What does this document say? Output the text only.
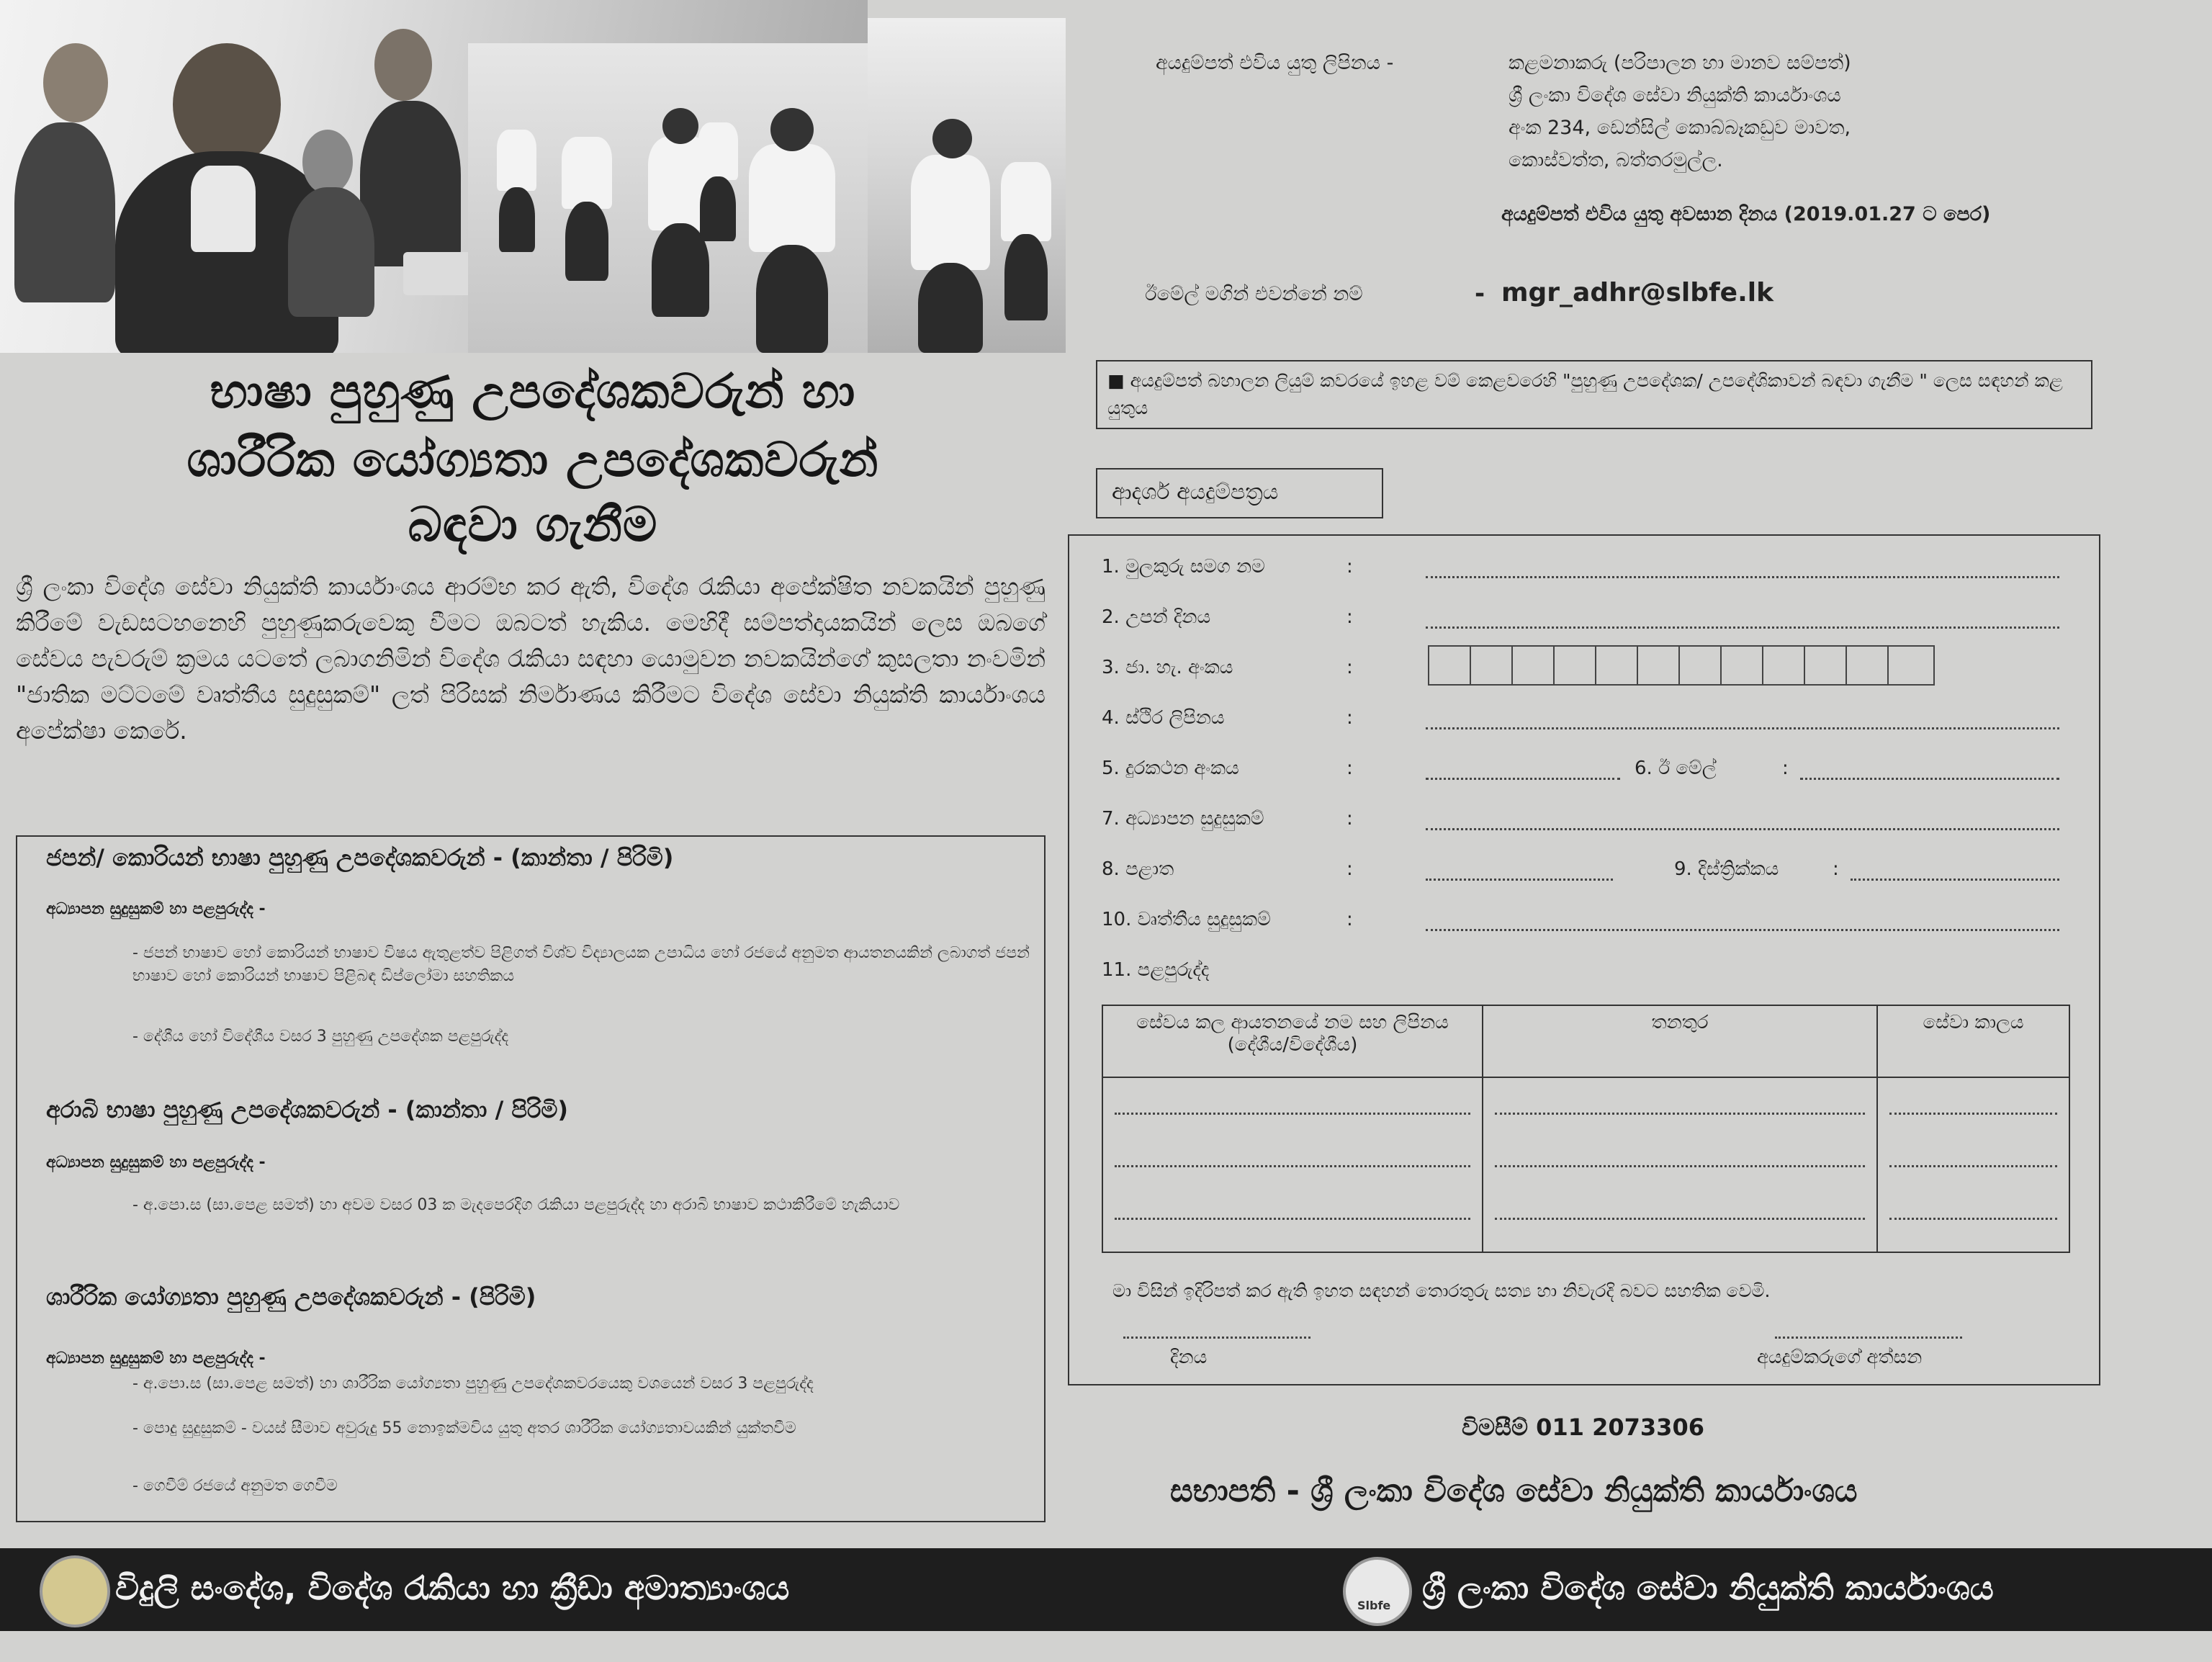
භාෂා පුහුණු උපදේශකවරුන් හා
ශාරීරික යෝග්‍යතා උපදේශකවරුන්
බඳවා ගැනීම

ශ්‍රී ලංකා විදේශ සේවා නියුක්ති කාර්යාංශය ආරම්භ කර ඇති, විදේශ රැකියා අපේක්ෂිත නවකයින් පුහුණු කිරීමේ වැඩසටහනෙහි පුහුණුකරුවෙකු වීමට ඔබටත් හැකිය. මෙහිදී සම්පත්දායකයින් ලෙස ඔබගේ සේවය පැවරුම් ක්‍රමය යටතේ ලබාගනිමින් විදේශ රැකියා සඳහා යොමුවන නවකයින්ගේ කුසලතා නංවමින් "ජාතික මට්ටමේ වෘත්තීය සුදුසුකම්" ලත් පිරිසක් නිර්මාණය කිරීමට විදේශ සේවා නියුක්ති කාර්යාංශය අපේක්ෂා කෙරේ.

ජපන්/ කොරියන් භාෂා පුහුණු උපදේශකවරුන් - (කාන්තා / පිරිමි)
අධ්‍යාපන සුදුසුකම් හා පළපුරුද්ද -
- ජපන් භාෂාව හෝ කොරියන් භාෂාව විෂය ඇතුළත්ව පිළිගත් විශ්ව විද්‍යාලයක උපාධිය හෝ රජයේ අනුමත ආයතනයකින් ලබාගත් ජපන් භාෂාව හෝ කොරියන් භාෂාව පිළිබඳ ඩිප්ලෝමා සහතිකය
- දේශීය හෝ විදේශීය වසර 3 පුහුණු උපදේශක පළපුරුද්ද
අරාබි භාෂා පුහුණු උපදේශකවරුන් - (කාන්තා / පිරිමි)
අධ්‍යාපන සුදුසුකම් හා පළපුරුද්ද -
- අ.පො.ස (සා.පෙළ සමත්) හා අවම වසර 03 ක මැදපෙරදිග රැකියා පළපුරුද්ද හා අරාබි භාෂාව කථාකිරීමේ හැකියාව
ශාරීරික යෝග්‍යතා පුහුණු උපදේශකවරුන් - (පිරිමි)
අධ්‍යාපන සුදුසුකම් හා පළපුරුද්ද -
- අ.පො.ස (සා.පෙළ සමත්) හා ශාරීරික යෝග්‍යතා පුහුණු උපදේශකවරයෙකු වශයෙන් වසර 3 පළපුරුද්ද
- පොදු සුදුසුකම් - වයස් සීමාව අවුරුදු 55 නොඉක්මවිය යුතු අතර ශාරීරික යෝග්‍යතාවයකින් යුක්තවීම
- ගෙවීම් රජයේ අනුමත ගෙවීම
අයදුම්පත් එවිය යුතු ලිපිනය -	කළමනාකරු (පරිපාලන හා මානව සම්පත්)
ශ්‍රී ලංකා විදේශ සේවා නියුක්ති කාර්යාංශය
අංක 234, ඩෙන්සිල් කොබ්බෑකඩුව මාවත,
කොස්වත්ත, බත්තරමුල්ල.
අයදුම්පත් එවිය යුතු අවසාන දිනය (2019.01.27 ට පෙර)
ඊමේල් මගින් එවන්නේ නම්	- mgr_adhr@slbfe.lk
■ අයදුම්පත් බහාලන ලියුම් කවරයේ ඉහළ වම් කෙළවරෙහි "පුහුණු උපදේශක/ උපදේශිකාවන් බඳවා ගැනීම " ලෙස සඳහන් කළ යුතුය
ආදර්ශ අයදුම්පත්‍රය
1. මුලකුරු සමග නම	:
2. උපන් දිනය	:
3. ජා. හැ. අංකය	:
4. ස්ථිර ලිපිනය	:
5. දුරකථන අංකය	:	6. ඊ මේල්	:
7. අධ්‍යාපන සුදුසුකම්	:
8. පළාත	:	9. දිස්ත්‍රික්කය	:
10. වෘත්තීය සුදුසුකම්	:
11. පළපුරුද්ද
සේවය කල ආයතනයේ නම සහ ලිපිනය (දේශීය/විදේශීය)	තනතුර	සේවා කාලය

මා විසින් ඉදිරිපත් කර ඇති ඉහත සඳහන් තොරතුරු සත්‍ය හා නිවැරදි බවට සහතික වෙමි.
දිනය	අයදුම්කරුගේ අත්සන
විමසීම් 011 2073306
සභාපති - ශ්‍රී ලංකා විදේශ සේවා නියුක්ති කාර්යාංශය
විදුලි සංදේශ, විදේශ රැකියා හා ක්‍රීඩා අමාත්‍යාංශය	Slbfe ශ්‍රී ලංකා විදේශ සේවා නියුක්ති කාර්යාංශය
